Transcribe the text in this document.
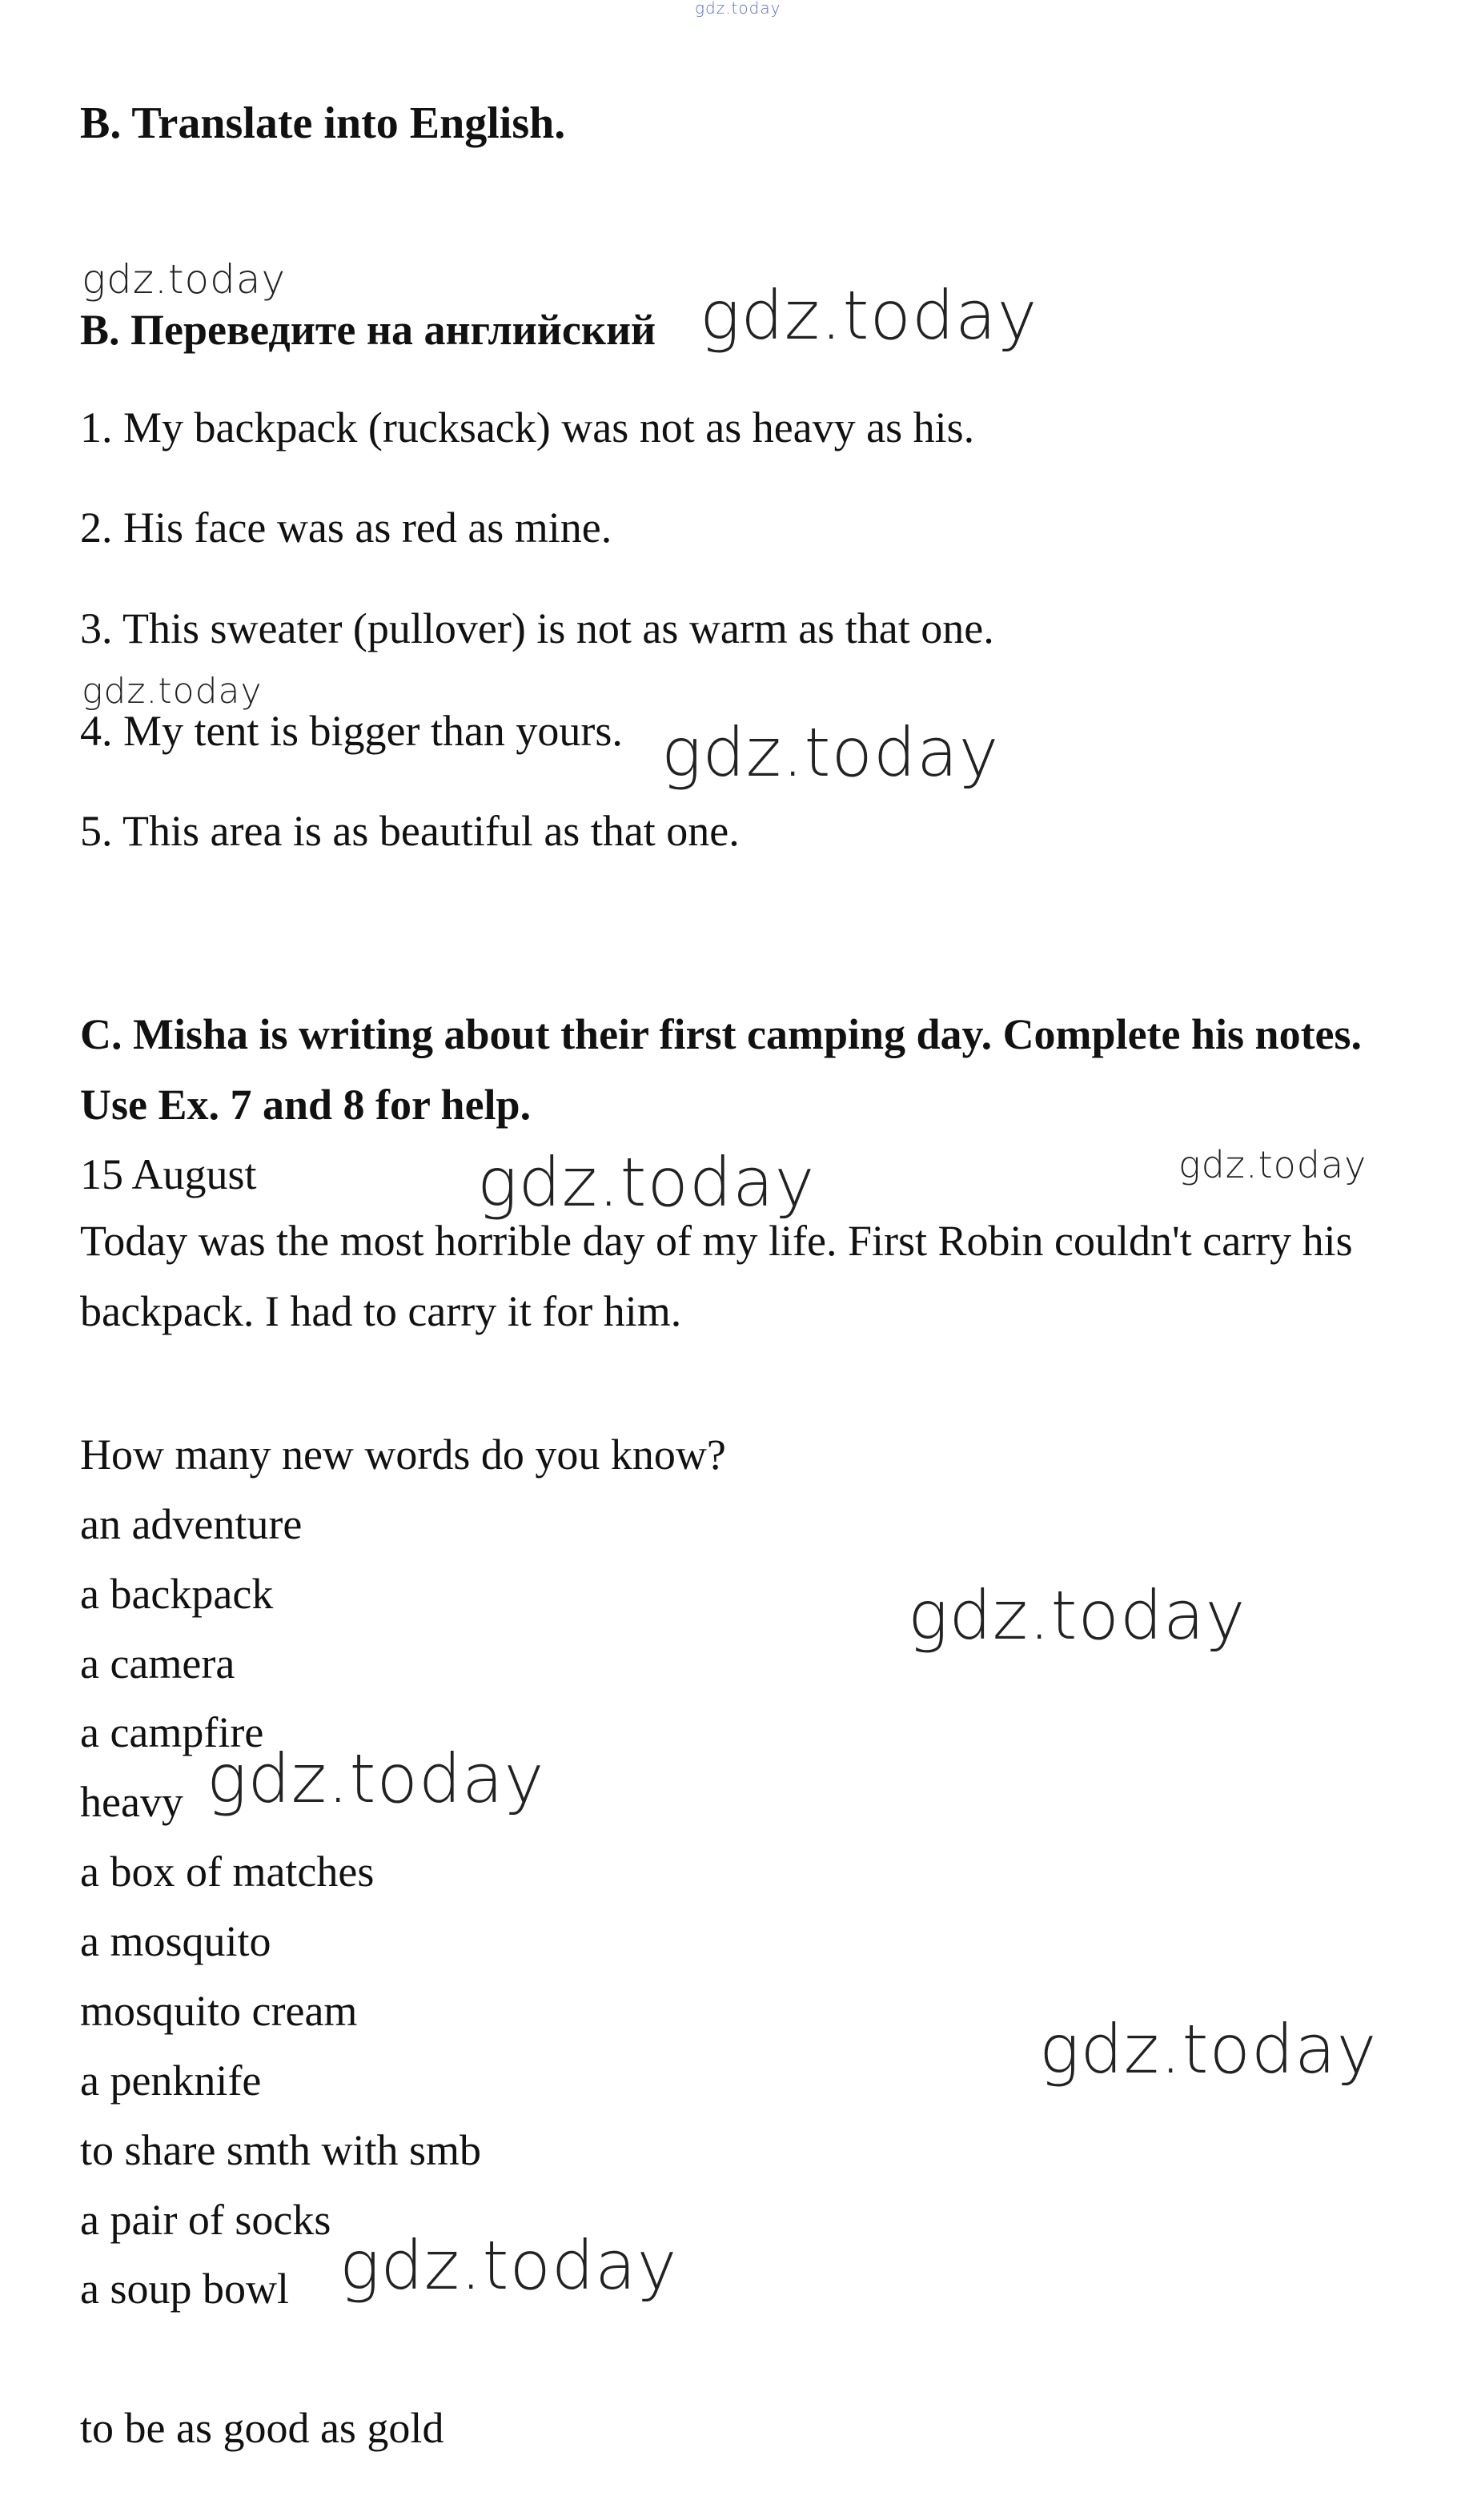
gdz.today
B. Translate into English.
gdz.today
В. Переведите на английский gdz.today
1. My backpack (rucksack) was not as heavy as his.
2. His face was as red as mine.
3. This sweater (pullover) is not as warm as that one.
gdz.today
4. My tent is bigger than yours. gdz.today
5. This area is as beautiful as that one.
C. Misha is writing about their first camping day. Complete his notes. Use Ex. 7 and 8 for help.
15 August	gdz.today	gdz.today
Today was the most horrible day of my life. First Robin couldn't carry his backpack. I had to carry it for him.
How many new words do you know?
an adventure
a backpack	gdz.today
a camera
a campfire
heavy gdz.today
a box of matches
a mosquito
mosquito cream
a penknife	gdz.today
to share smth with smb
a pair of socks
a soup bowl gdz.today
to be as good as gold
